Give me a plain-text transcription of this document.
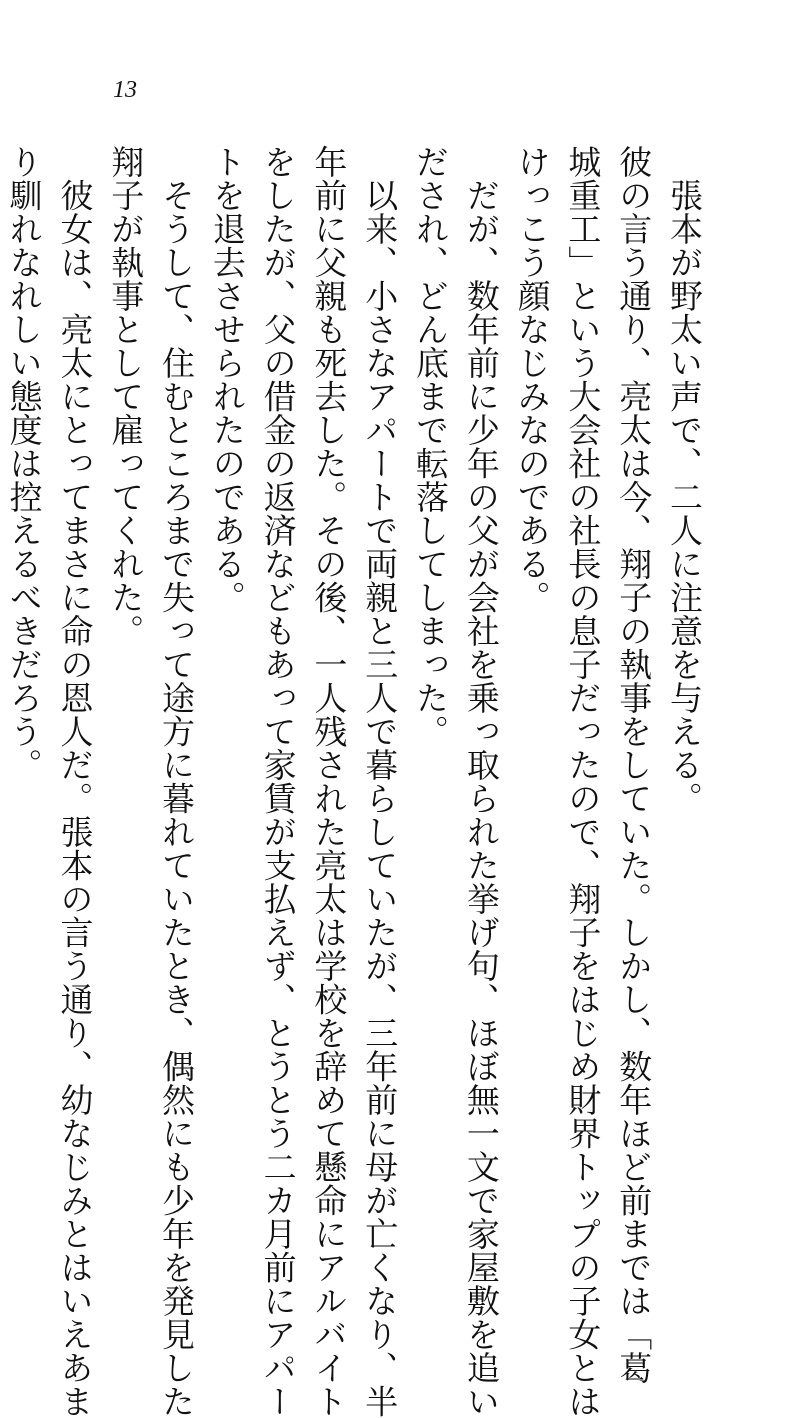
13
　張本が野太い声で、二人に注意を与える。
彼の言う通り、亮太は今、翔子の執事をしていた。しかし、数年ほど前までは「葛
城重工」という大会社の社長の息子だったので、翔子をはじめ財界トップの子女とは
けっこう顔なじみなのである。
　だが、数年前に少年の父が会社を乗っ取られた挙げ句、ほぼ無一文で家屋敷を追い
だされ、どん底まで転落してしまった。
　以来、小さなアパートで両親と三人で暮らしていたが、三年前に母が亡くなり、半
年前に父親も死去した。その後、一人残された亮太は学校を辞めて懸命にアルバイト
をしたが、父の借金の返済などもあって家賃が支払えず、とうとう二カ月前にアパー
トを退去させられたのである。
　そうして、住むところまで失って途方に暮れていたとき、偶然にも少年を発見した
翔子が執事として雇ってくれた。
　彼女は、亮太にとってまさに命の恩人だ。張本の言う通り、幼なじみとはいえあま
り馴れなれしい態度は控えるべきだろう。
